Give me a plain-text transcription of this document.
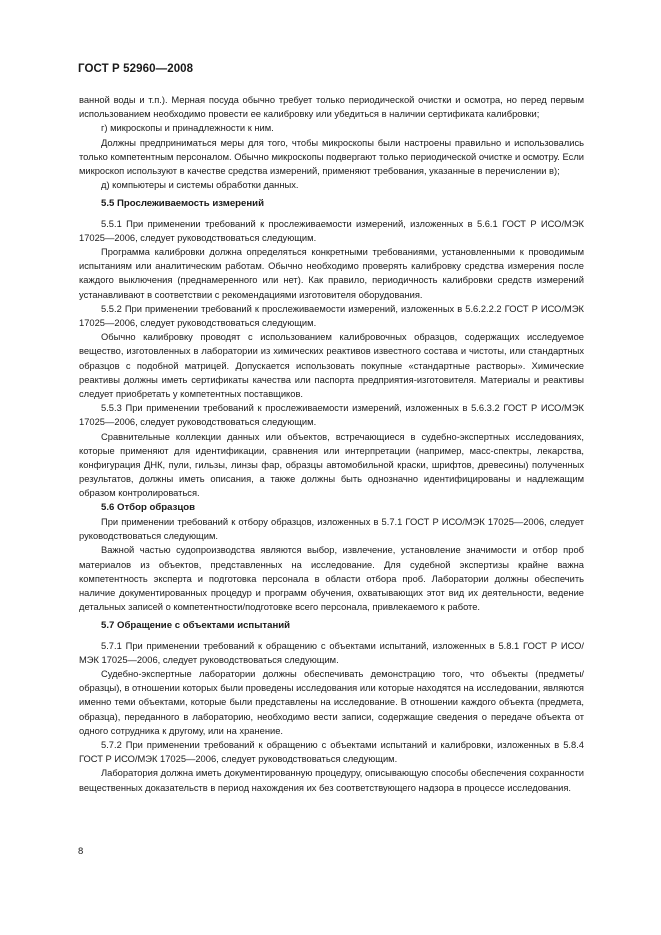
ГОСТ Р 52960—2008

ванной воды и т.п.). Мерная посуда обычно требует только периодической очистки и осмотра, но перед первым использованием необходимо провести ее калибровку или убедиться в наличии сертификата калибровки;

г) микроскопы и принадлежности к ним.

Должны предприниматься меры для того, чтобы микроскопы были настроены правильно и использовались только компетентным персоналом. Обычно микроскопы подвергают только периодической очистке и осмотру. Если микроскоп используют в качестве средства измерений, применяют требования, указанные в перечислении в);

д) компьютеры и системы обработки данных.

5.5 Прослеживаемость измерений

5.5.1 При применении требований к прослеживаемости измерений, изложенных в 5.6.1 ГОСТ Р ИСО/МЭК 17025—2006, следует руководствоваться следующим.

Программа калибровки должна определяться конкретными требованиями, установленными к проводимым испытаниям или аналитическим работам. Обычно необходимо проверять калибровку средства измерения после каждого выключения (преднамеренного или нет). Как правило, периодичность калибровки средств измерений устанавливают в соответствии с рекомендациями изготовителя оборудования.

5.5.2 При применении требований к прослеживаемости измерений, изложенных в 5.6.2.2.2 ГОСТ Р ИСО/МЭК 17025—2006, следует руководствоваться следующим.

Обычно калибровку проводят с использованием калибровочных образцов, содержащих исследуемое вещество, изготовленных в лаборатории из химических реактивов известного состава и чистоты, или стандартных образцов с подобной матрицей. Допускается использовать покупные «стандартные растворы». Химические реактивы должны иметь сертификаты качества или паспорта предприятия-изготовителя. Материалы и реактивы следует приобретать у компетентных поставщиков.

5.5.3 При применении требований к прослеживаемости измерений, изложенных в 5.6.3.2 ГОСТ Р ИСО/МЭК 17025—2006, следует руководствоваться следующим.

Сравнительные коллекции данных или объектов, встречающиеся в судебно-экспертных исследованиях, которые применяют для идентификации, сравнения или интерпретации (например, масс-спектры, лекарства, конфигурация ДНК, пули, гильзы, линзы фар, образцы автомобильной краски, шрифтов, древесины) полученных результатов, должны иметь описания, а также должны быть однозначно идентифицированы и надлежащим образом контролироваться.

5.6 Отбор образцов

При применении требований к отбору образцов, изложенных в 5.7.1 ГОСТ Р ИСО/МЭК 17025—2006, следует руководствоваться следующим.

Важной частью судопроизводства являются выбор, извлечение, установление значимости и отбор проб материалов из объектов, представленных на исследование. Для судебной экспертизы крайне важна компетентность эксперта и подготовка персонала в области отбора проб. Лаборатории должны обеспечить наличие документированных процедур и программ обучения, охватывающих этот вид их деятельности, ведение детальных записей о компетентности/подготовке всего персонала, привлекаемого к работе.

5.7 Обращение с объектами испытаний

5.7.1 При применении требований к обращению с объектами испытаний, изложенных в 5.8.1 ГОСТ Р ИСО/МЭК 17025—2006, следует руководствоваться следующим.

Судебно-экспертные лаборатории должны обеспечивать демонстрацию того, что объекты (предметы/образцы), в отношении которых были проведены исследования или которые находятся на исследовании, являются именно теми объектами, которые были представлены на исследование. В отношении каждого объекта (предмета, образца), переданного в лабораторию, необходимо вести записи, содержащие сведения о передаче объекта от одного сотрудника к другому, или на хранение.

5.7.2 При применении требований к обращению с объектами испытаний и калибровки, изложенных в 5.8.4 ГОСТ Р ИСО/МЭК 17025—2006, следует руководствоваться следующим.

Лаборатория должна иметь документированную процедуру, описывающую способы обеспечения сохранности вещественных доказательств в период нахождения их без соответствующего надзора в процессе исследования.

8
